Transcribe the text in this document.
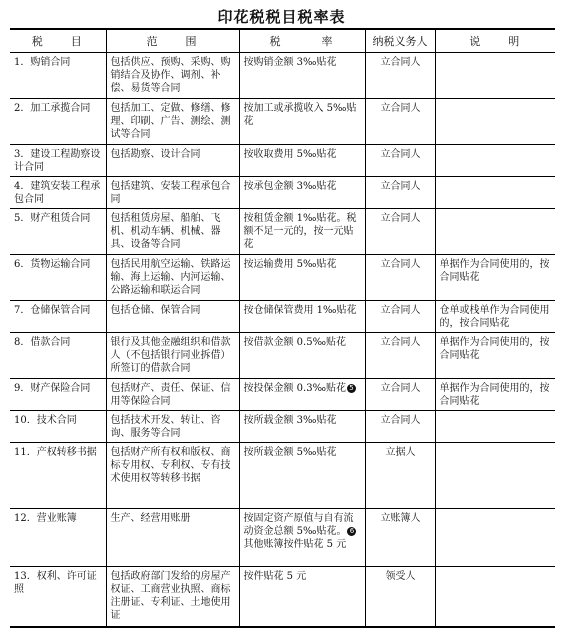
印花税税目税率表
税　　目	范　　围	税　　　率	纳税义务人	说　　明
1．购销合同	包括供应、预购、采购、购销结合及协作、调剂、补偿、易货等合同	按购销金额 3‰贴花	立合同人	
2．加工承揽合同	包括加工、定做、修缮、修理、印刷、广告、测绘、测试等合同	按加工或承揽收入 5‰贴花	立合同人	
3．建设工程勘察设计合同	包括勘察、设计合同	按收取费用 5‰贴花	立合同人	
4．建筑安装工程承包合同	包括建筑、安装工程承包合同	按承包金额 3‰贴花	立合同人	
5．财产租赁合同	包括租赁房屋、船舶、飞机、机动车辆、机械、器具、设备等合同	按租赁金额 1‰贴花。税额不足一元的，按一元贴花	立合同人	
6．货物运输合同	包括民用航空运输、铁路运输、海上运输、内河运输、公路运输和联运合同	按运输费用 5‰贴花	立合同人	单据作为合同使用的，按合同贴花
7．仓储保管合同	包括仓储、保管合同	按仓储保管费用 1‰贴花	立合同人	仓单或栈单作为合同使用的，按合同贴花
8．借款合同	银行及其他金融组织和借款人（不包括银行同业拆借）所签订的借款合同	按借款金额 0.5‰贴花	立合同人	单据作为合同使用的，按合同贴花
9．财产保险合同	包括财产、责任、保证、信用等保险合同	按投保金额 0.3‰贴花 5	立合同人	单据作为合同使用的，按合同贴花
10．技术合同	包括技术开发、转让、咨询、服务等合同	按所载金额 3‰贴花	立合同人	
11．产权转移书据	包括财产所有权和版权、商标专用权、专利权、专有技术使用权等转移书据	按所载金额 5‰贴花	立据人	
12．营业账簿	生产、经营用账册	按固定资产原值与自有流动资金总额 5‰贴花。 6其他账簿按件贴花 5 元	立账簿人	
13．权利、许可证照	包括政府部门发给的房屋产权证、工商营业执照、商标注册证、专利证、土地使用证	按件贴花 5 元	领受人	
